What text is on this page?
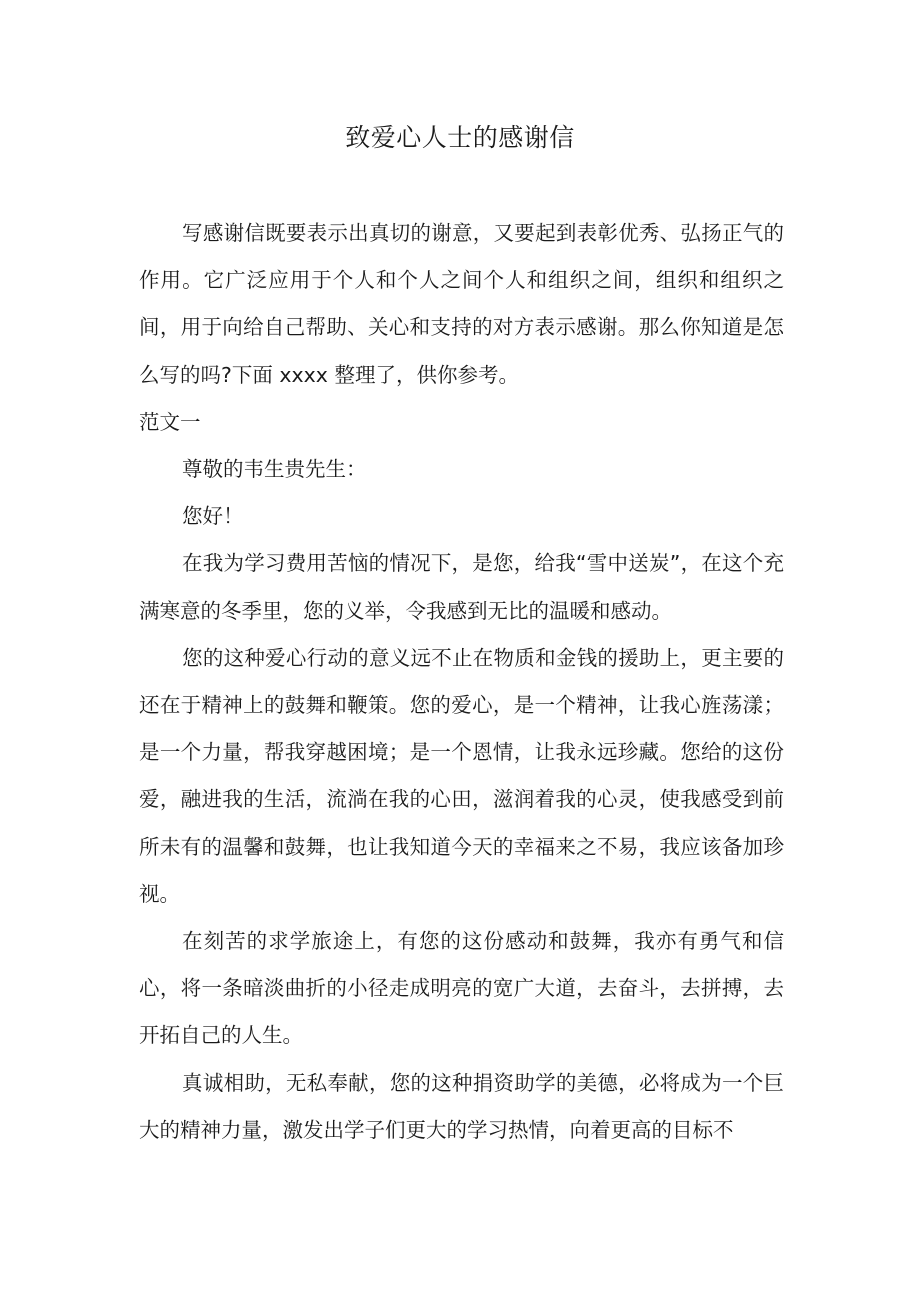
致爱心人士的感谢信

写感谢信既要表示出真切的谢意，又要起到表彰优秀、弘扬正气的作用。它广泛应用于个人和个人之间个人和组织之间，组织和组织之间，用于向给自己帮助、关心和支持的对方表示感谢。那么你知道是怎么写的吗?下面 xxxx 整理了，供你参考。

范文一

尊敬的韦生贵先生：

您好！

在我为学习费用苦恼的情况下，是您，给我“雪中送炭”，在这个充满寒意的冬季里，您的义举，令我感到无比的温暖和感动。

您的这种爱心行动的意义远不止在物质和金钱的援助上，更主要的还在于精神上的鼓舞和鞭策。您的爱心，是一个精神，让我心旌荡漾；是一个力量，帮我穿越困境；是一个恩情，让我永远珍藏。您给的这份爱，融进我的生活，流淌在我的心田，滋润着我的心灵，使我感受到前所未有的温馨和鼓舞，也让我知道今天的幸福来之不易，我应该备加珍视。

在刻苦的求学旅途上，有您的这份感动和鼓舞，我亦有勇气和信心，将一条暗淡曲折的小径走成明亮的宽广大道，去奋斗，去拼搏，去开拓自己的人生。

真诚相助，无私奉献，您的这种捐资助学的美德，必将成为一个巨大的精神力量，激发出学子们更大的学习热情，向着更高的目标不
